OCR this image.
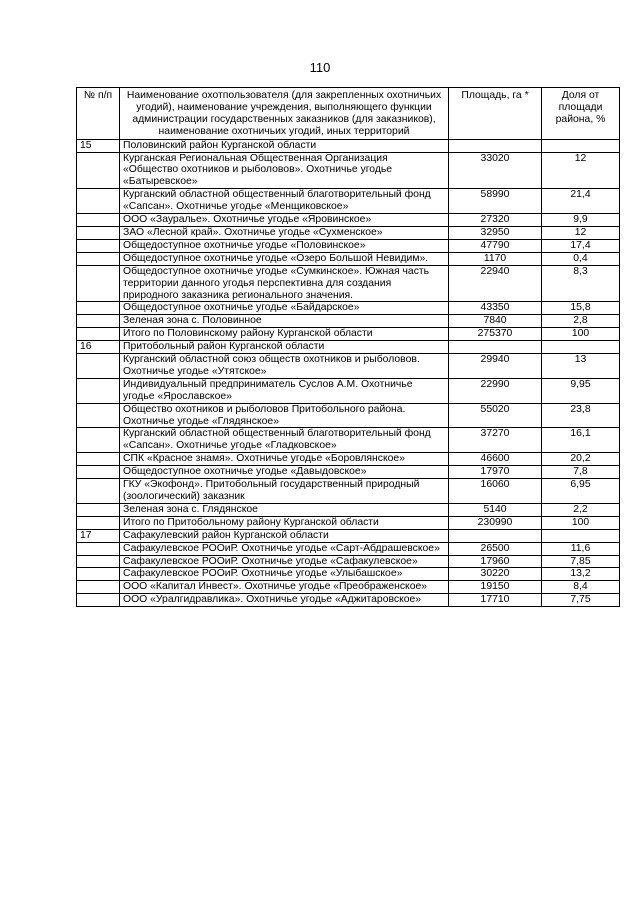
110
№ п/п	Наименование охотпользователя (для закрепленных охотничьих угодий), наименование учреждения, выполняющего функции администрации государственных заказников (для заказников), наименование охотничьих угодий, иных территорий	Площадь, га *	Доля от площади района, %
15	Половинский район Курганской области		
	Курганская Региональная Общественная Организация «Общество охотников и рыболовов». Охотничье угодье «Батыревское»	33020	12
	Курганский областной общественный благотворительный фонд «Сапсан». Охотничье угодье «Менщиковское»	58990	21,4
	ООО «Зауралье». Охотничье угодье «Яровинское»	27320	9,9
	ЗАО «Лесной край». Охотничье угодье «Сухменское»	32950	12
	Общедоступное охотничье угодье «Половинское»	47790	17,4
	Общедоступное охотничье угодье «Озеро Большой Невидим».	1170	0,4
	Общедоступное охотничье угодье «Сумкинское». Южная часть территории данного угодья перспективна для создания природного заказника регионального значения.	22940	8,3
	Общедоступное охотничье угодье «Байдарское»	43350	15,8
	Зеленая зона с. Половинное	7840	2,8
	Итого по Половинскому району Курганской области	275370	100
16	Притобольный район Курганской области		
	Курганский областной союз обществ охотников и рыболовов. Охотничье угодье «Утятское»	29940	13
	Индивидуальный предприниматель Суслов А.М. Охотничье угодье «Ярославское»	22990	9,95
	Общество охотников и рыболовов Притобольного района. Охотничье угодье «Глядянское»	55020	23,8
	Курганский областной общественный благотворительный фонд «Сапсан». Охотничье угодье «Гладковское»	37270	16,1
	СПК «Красное знамя». Охотничье угодье «Боровлянское»	46600	20,2
	Общедоступное охотничье угодье «Давыдовское»	17970	7,8
	ГКУ «Экофонд». Притобольный государственный природный (зоологический) заказник	16060	6,95
	Зеленая зона с. Глядянское	5140	2,2
	Итого по Притобольному району Курганской области	230990	100
17	Сафакулевский район Курганской области		
	Сафакулевское РООиР. Охотничье угодье «Сарт-Абдрашевское»	26500	11,6
	Сафакулевское РООиР. Охотничье угодье «Сафакулевское»	17960	7,85
	Сафакулевское РООиР. Охотничье угодье «Улыбашское»	30220	13,2
	ООО «Капитал Инвест». Охотничье угодье «Преображенское»	19150	8,4
	ООО «Уралгидравлика». Охотничье угодье «Аджитаровское»	17710	7,75
